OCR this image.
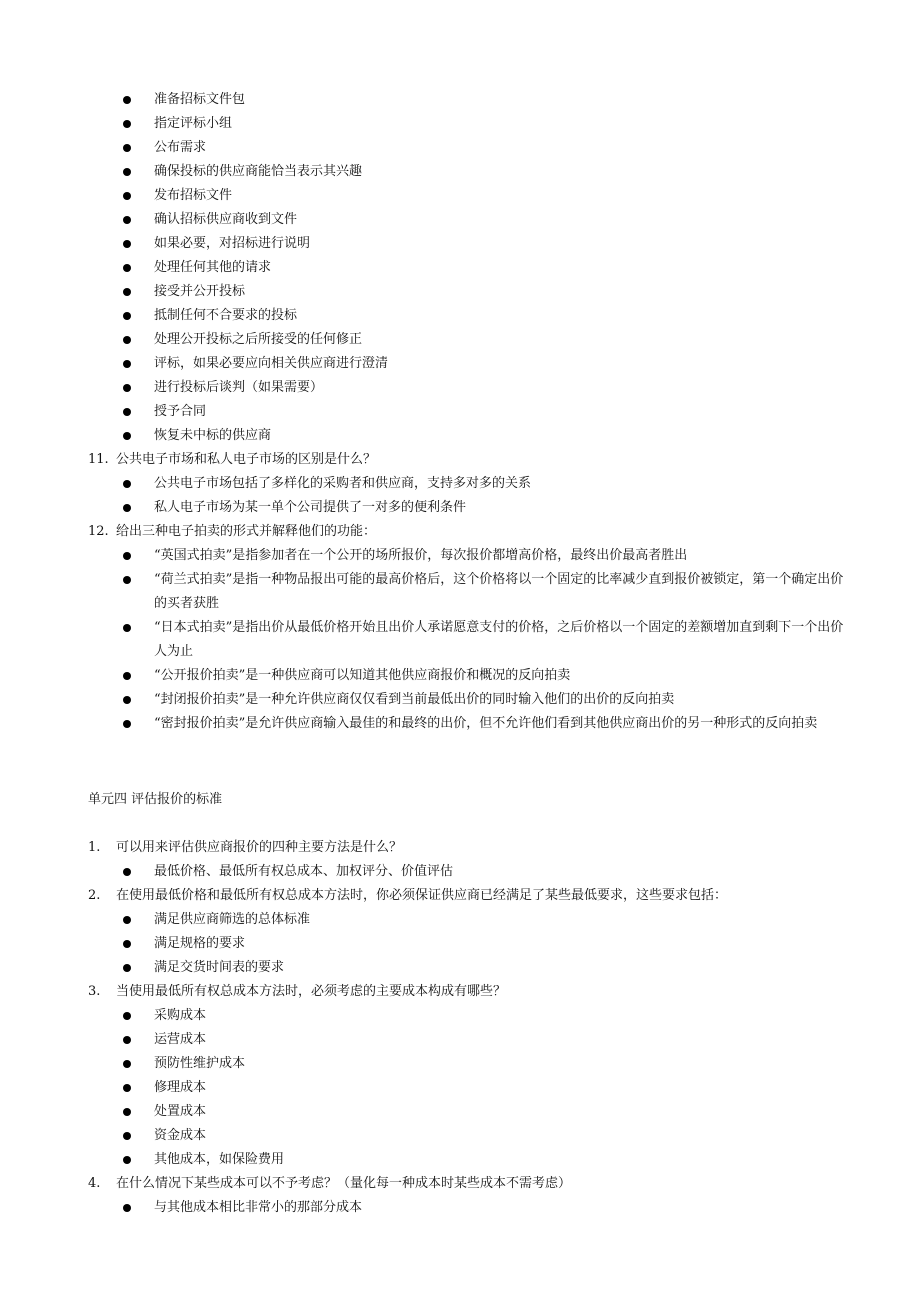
准备招标文件包
指定评标小组
公布需求
确保投标的供应商能恰当表示其兴趣
发布招标文件
确认招标供应商收到文件
如果必要，对招标进行说明
处理任何其他的请求
接受并公开投标
抵制任何不合要求的投标
处理公开投标之后所接受的任何修正
评标，如果必要应向相关供应商进行澄清
进行投标后谈判（如果需要）
授予合同
恢复未中标的供应商
11. 公共电子市场和私人电子市场的区别是什么？
公共电子市场包括了多样化的采购者和供应商，支持多对多的关系
私人电子市场为某一单个公司提供了一对多的便利条件
12. 给出三种电子拍卖的形式并解释他们的功能：
“英国式拍卖”是指参加者在一个公开的场所报价，每次报价都增高价格，最终出价最高者胜出
“荷兰式拍卖”是指一种物品报出可能的最高价格后，这个价格将以一个固定的比率减少直到报价被锁定，第一个确定出价的买者获胜
“日本式拍卖”是指出价从最低价格开始且出价人承诺愿意支付的价格，之后价格以一个固定的差额增加直到剩下一个出价人为止
“公开报价拍卖”是一种供应商可以知道其他供应商报价和概况的反向拍卖
“封闭报价拍卖”是一种允许供应商仅仅看到当前最低出价的同时输入他们的出价的反向拍卖
“密封报价拍卖”是允许供应商输入最佳的和最终的出价，但不允许他们看到其他供应商出价的另一种形式的反向拍卖
单元四 评估报价的标准
1. 可以用来评估供应商报价的四种主要方法是什么？
最低价格、最低所有权总成本、加权评分、价值评估
2. 在使用最低价格和最低所有权总成本方法时，你必须保证供应商已经满足了某些最低要求，这些要求包括：
满足供应商筛选的总体标准
满足规格的要求
满足交货时间表的要求
3. 当使用最低所有权总成本方法时，必须考虑的主要成本构成有哪些？
采购成本
运营成本
预防性维护成本
修理成本
处置成本
资金成本
其他成本，如保险费用
4. 在什么情况下某些成本可以不予考虑？（量化每一种成本时某些成本不需考虑）
与其他成本相比非常小的那部分成本
